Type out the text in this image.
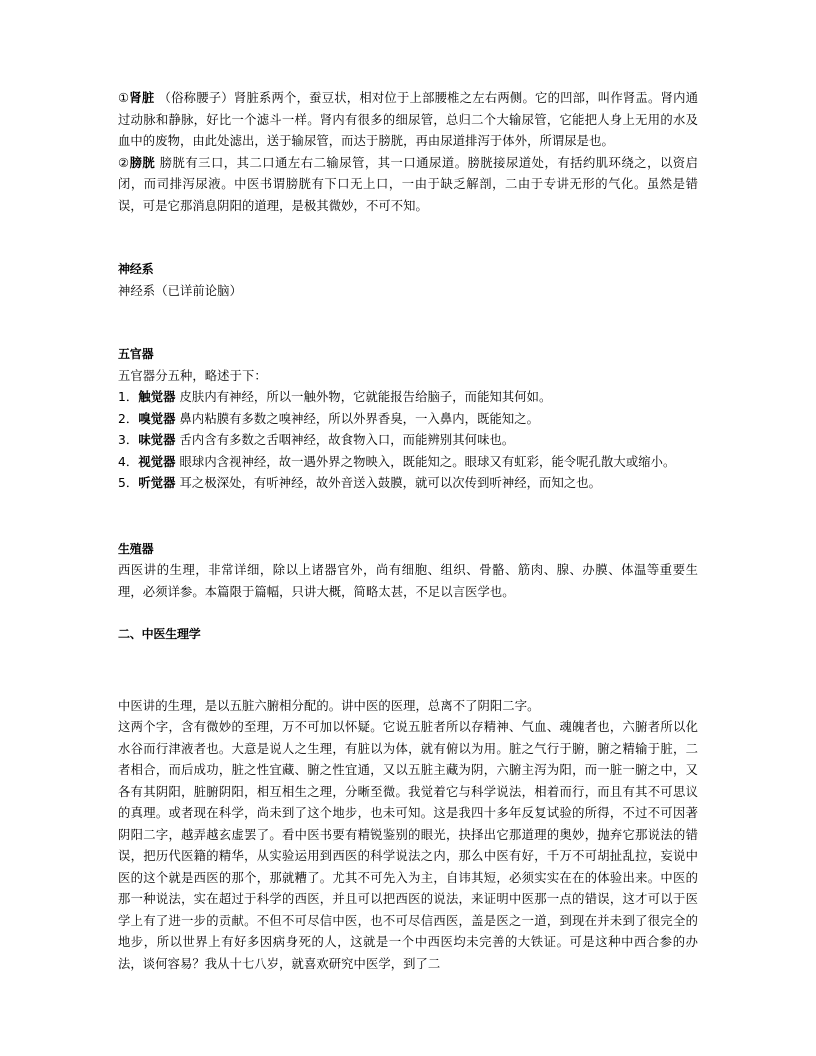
①肾脏 （俗称腰子）肾脏系两个，蚕豆状，相对位于上部腰椎之左右两侧。它的凹部，叫作肾盂。肾内通过动脉和静脉，好比一个滤斗一样。肾内有很多的细尿管，总归二个大输尿管，它能把人身上无用的水及血中的废物，由此处滤出，送于输尿管，而达于膀胱，再由尿道排泻于体外，所谓尿是也。

②膀胱 膀胱有三口，其二口通左右二输尿管，其一口通尿道。膀胱接尿道处，有括约肌环绕之，以资启闭，而司排泻尿液。中医书谓膀胱有下口无上口，一由于缺乏解剖，二由于专讲无形的气化。虽然是错误，可是它那消息阴阳的道理，是极其微妙，不可不知。

神经系

神经系（已详前论脑）

五官器

五官器分五种，略述于下：

1．触觉器 皮肤内有神经，所以一触外物，它就能报告给脑子，而能知其何如。

2．嗅觉器 鼻内粘膜有多数之嗅神经，所以外界香臭，一入鼻内，既能知之。

3．味觉器 舌内含有多数之舌咽神经，故食物入口，而能辨别其何味也。

4．视觉器 眼球内含视神经，故一遇外界之物映入，既能知之。眼球又有虹彩，能令呢孔散大或缩小。

5．听觉器 耳之极深处，有听神经，故外音送入鼓膜，就可以次传到听神经，而知之也。

生殖器

西医讲的生理，非常详细，除以上诸器官外，尚有细胞、组织、骨骼、筋肉、腺、办膜、体温等重要生理，必须详参。本篇限于篇幅，只讲大概，简略太甚，不足以言医学也。

二、中医生理学

中医讲的生理，是以五脏六腑相分配的。讲中医的医理，总离不了阴阳二字。

这两个字，含有微妙的至理，万不可加以怀疑。它说五脏者所以存精神、气血、魂魄者也，六腑者所以化水谷而行津液者也。大意是说人之生理，有脏以为体，就有俯以为用。脏之气行于腑，腑之精输于脏，二者相合，而后成功，脏之性宜藏、腑之性宜通，又以五脏主藏为阴，六腑主泻为阳，而一脏一腑之中，又各有其阴阳，脏腑阴阳，相互相生之理，分晰至微。我觉着它与科学说法，相着而行，而且有其不可思议的真理。或者现在科学，尚未到了这个地步，也未可知。这是我四十多年反复试验的所得，不过不可因著阴阳二字，越弄越玄虚罢了。看中医书要有精锐鉴别的眼光，抉择出它那道理的奥妙，抛弃它那说法的错误，把历代医籍的精华，从实验运用到西医的科学说法之内，那么中医有好，千万不可胡扯乱拉，妄说中医的这个就是西医的那个，那就糟了。尤其不可先入为主，自讳其短，必须实实在在的体验出来。中医的那一种说法，实在超过于科学的西医，并且可以把西医的说法，来证明中医那一点的错误，这才可以于医学上有了进一步的贡献。不但不可尽信中医，也不可尽信西医，盖是医之一道，到现在并未到了很完全的地步，所以世界上有好多因病身死的人，这就是一个中西医均未完善的大铁证。可是这种中西合参的办法，谈何容易？我从十七八岁，就喜欢研究中医学，到了二
